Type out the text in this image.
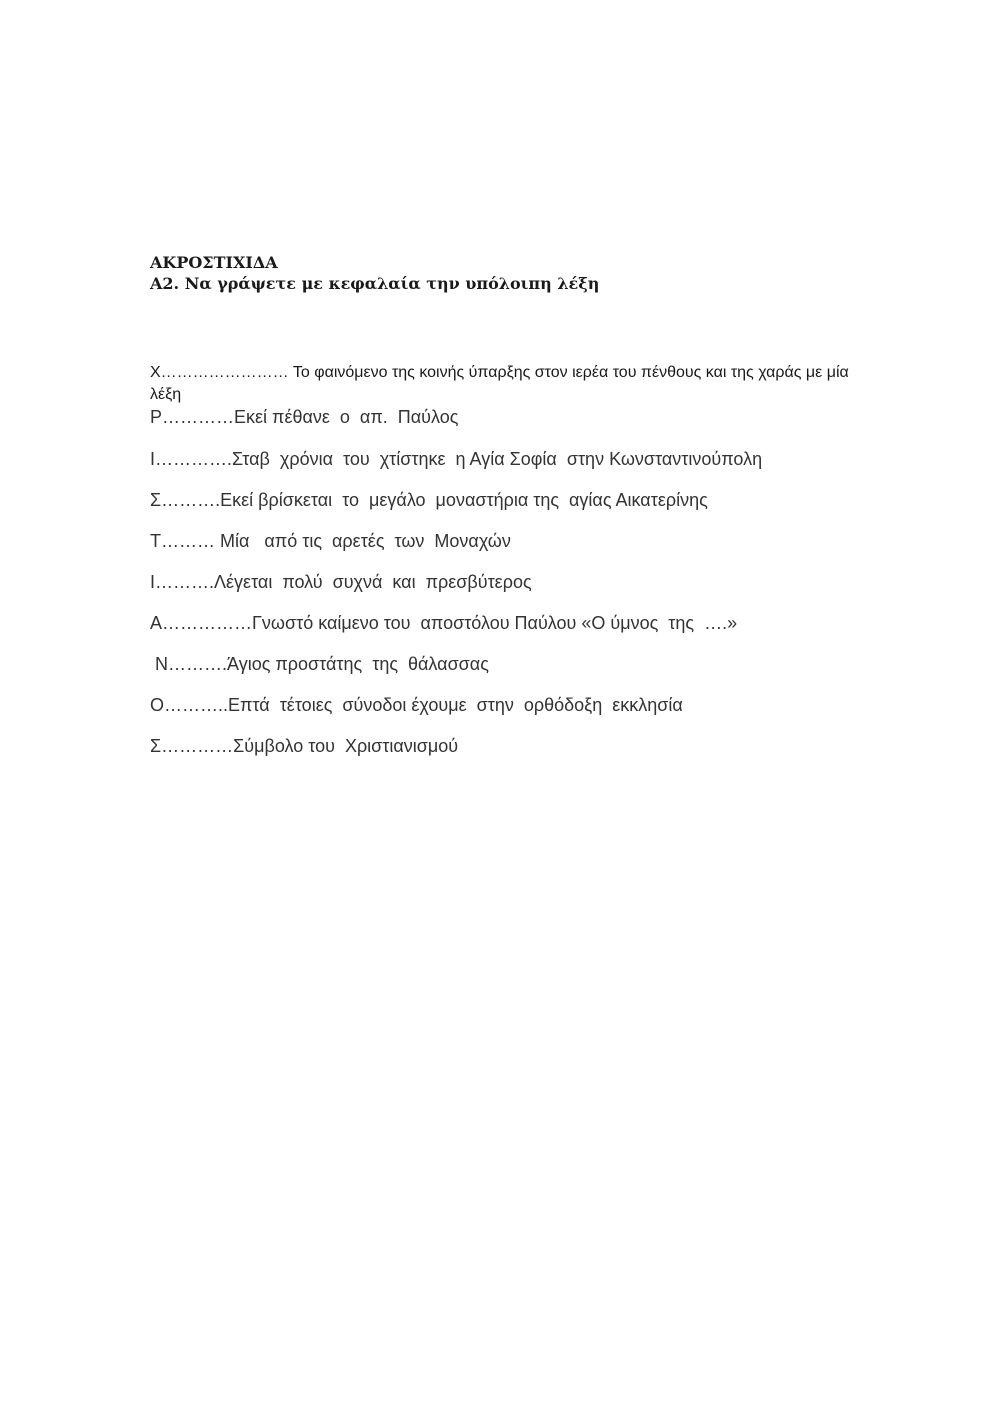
ΑΚΡΟΣΤΙΧΙΔΑ

Α2. Να γράψετε με κεφαλαία την υπόλοιπη λέξη

Χ…………………… Το φαινόμενο της κοινής ύπαρξης στον ιερέα του πένθους και της χαράς με μία λέξη

Ρ…………Εκεί πέθανε  ο  απ.  Παύλος

Ι………….Σταβ  χρόνια  του  χτίστηκε  η Αγία Σοφία  στην Κωνσταντινούπολη

Σ……….Εκεί βρίσκεται  το  μεγάλο  μοναστήρια της  αγίας Αικατερίνης

Τ……… Μία   από τις  αρετές  των  Μοναχών

Ι……….Λέγεται  πολύ  συχνά  και  πρεσβύτερος

Α……………Γνωστό καίμενο του  αποστόλου Παύλου «Ο ύμνος  της  ….»

Ν……….Άγιος προστάτης  της  θάλασσας

Ο………..Επτά  τέτοιες  σύνοδοι έχουμε  στην  ορθόδοξη  εκκλησία

Σ…………Σύμβολο του  Χριστιανισμού
